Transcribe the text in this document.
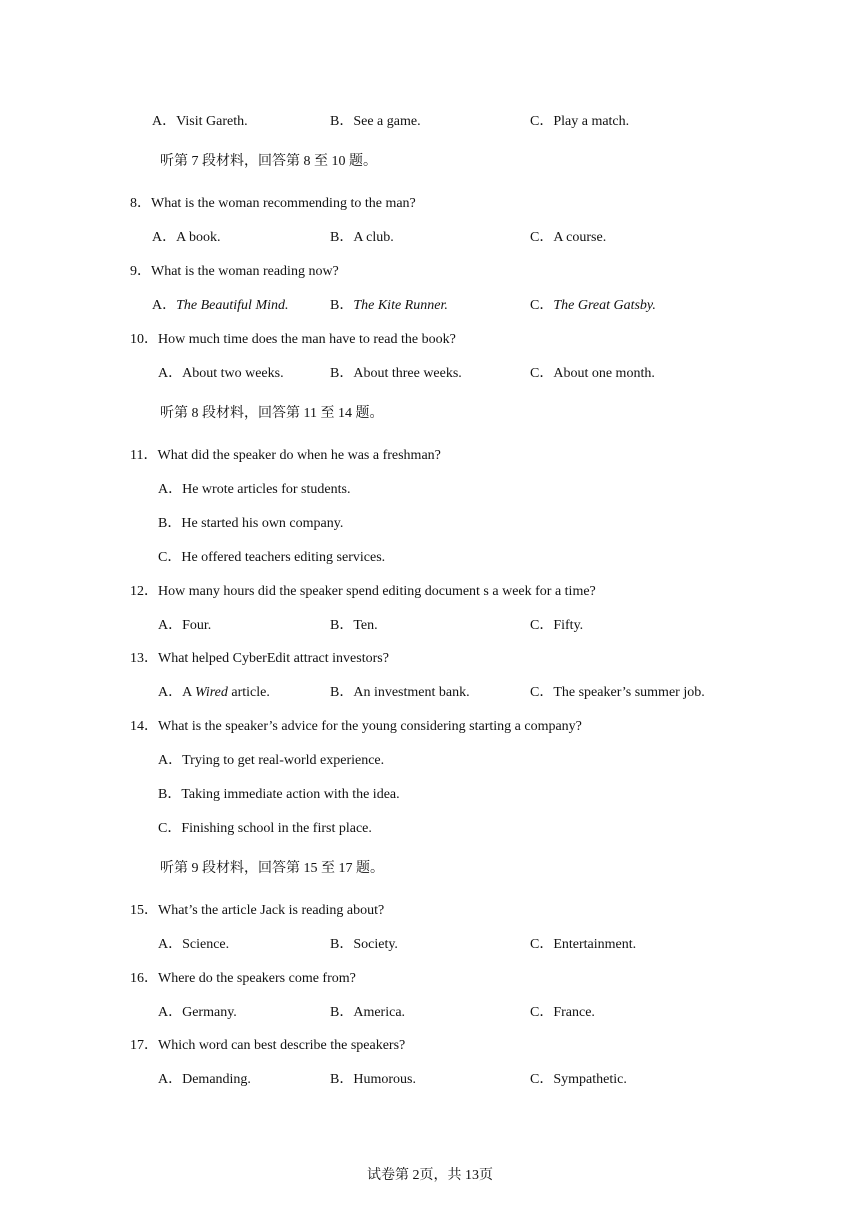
A．Visit Gareth.	B．See a game.	C．Play a match.
听第 7 段材料，回答第 8 至 10 题。
8．What is the woman recommending to the man?
A．A book.	B．A club.	C．A course.
9．What is the woman reading now?
A．The Beautiful Mind.	B．The Kite Runner.	C．The Great Gatsby.
10．How much time does the man have to read the book?
A．About two weeks.	B．About three weeks.	C．About one month.
听第 8 段材料，回答第 11 至 14 题。
11．What did the speaker do when he was a freshman?
A．He wrote articles for students.
B．He started his own company.
C．He offered teachers editing services.
12．How many hours did the speaker spend editing document s a week for a time?
A．Four.	B．Ten.	C．Fifty.
13．What helped CyberEdit attract investors?
A．A Wired article.	B．An investment bank.	C．The speaker’s summer job.
14．What is the speaker’s advice for the young considering starting a company?
A．Trying to get real-world experience.
B．Taking immediate action with the idea.
C．Finishing school in the first place.
听第 9 段材料，回答第 15 至 17 题。
15．What’s the article Jack is reading about?
A．Science.	B．Society.	C．Entertainment.
16．Where do the speakers come from?
A．Germany.	B．America.	C．France.
17．Which word can best describe the speakers?
A．Demanding.	B．Humorous.	C．Sympathetic.
试卷第 2页，共 13页
